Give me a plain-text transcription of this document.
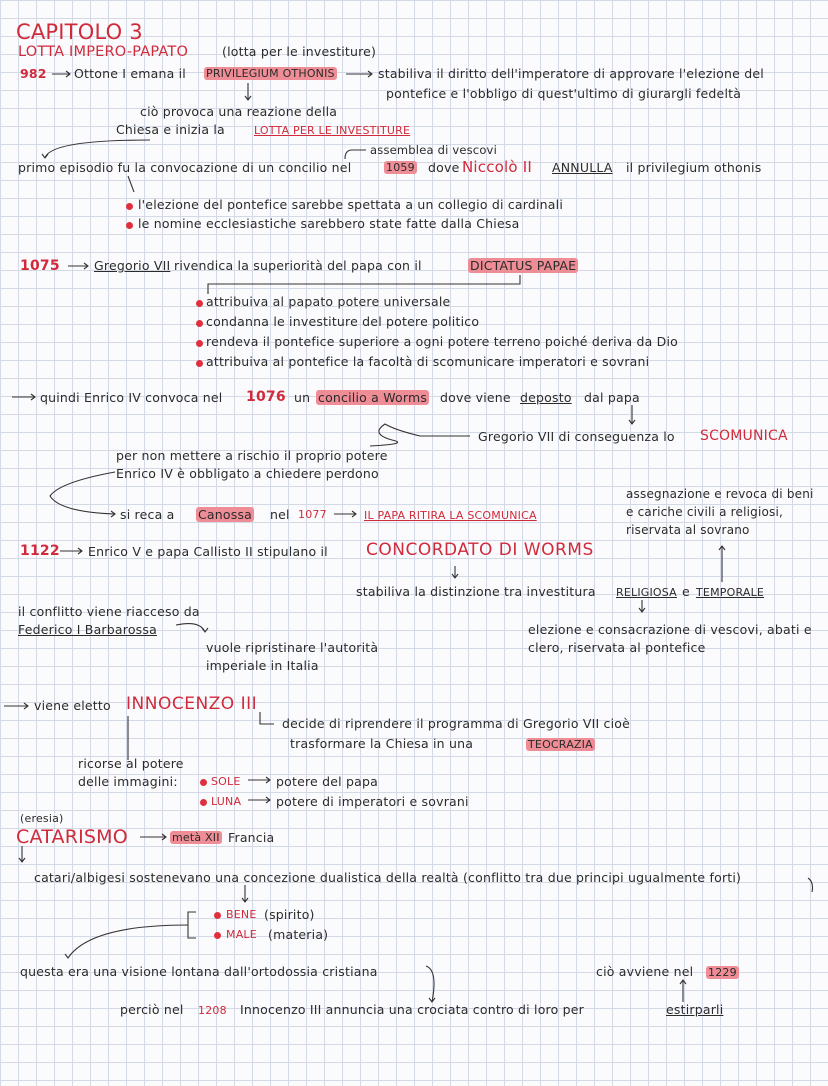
CAPITOLO 3
LOTTA IMPERO-PAPATO	(lotta per le investiture)
982 Ottone I emana il PRIVILEGIUM OTHONIS	stabiliva il diritto dell'imperatore di approvare l'elezione del
pontefice e l'obbligo di quest'ultimo di giurargli fedeltà
ciò provoca una reazione della
Chiesa e inizia la	LOTTA PER LE INVESTITURE
assemblea di vescovi
primo episodio fu la convocazione di un concilio nel	1059 dove Niccolò II ANNULLA il privilegium othonis
l'elezione del pontefice sarebbe spettata a un collegio di cardinali
le nomine ecclesiastiche sarebbero state fatte dalla Chiesa
1075	Gregorio VII rivendica la superiorità del papa con il	DICTATUS PAPAE
attribuiva al papato potere universale
condanna le investiture del potere politico
rendeva il pontefice superiore a ogni potere terreno poiché deriva da Dio
attribuiva al pontefice la facoltà di scomunicare imperatori e sovrani
quindi Enrico IV convoca nel 1076 un concilio a Worms dove viene deposto dal papa
Gregorio VII di conseguenza lo SCOMUNICA
per non mettere a rischio il proprio potere
Enrico IV è obbligato a chiedere perdono
si reca a Canossa nel 1077	IL PAPA RITIRA LA SCOMUNICA
assegnazione e revoca di beni
e cariche civili a religiosi,
riservata al sovrano
1122 Enrico V e papa Callisto II stipulano il CONCORDATO DI WORMS
stabiliva la distinzione tra investitura RELIGIOSA e TEMPORALE
il conflitto viene riacceso da
Federico I Barbarossa	elezione e consacrazione di vescovi, abati e
clero, riservata al pontefice
vuole ripristinare l'autorità
imperiale in Italia
viene eletto INNOCENZO III
decide di riprendere il programma di Gregorio VII cioè
trasformare la Chiesa in una	TEOCRAZIA
ricorse al potere
delle immagini:	SOLE	potere del papa
LUNA	potere di imperatori e sovrani
(eresia)
CATARISMO	metà XII Francia
catari/albigesi sostenevano una concezione dualistica della realtà (conflitto tra due principi ugualmente forti)
BENE (spirito)
MALE (materia)
questa era una visione lontana dall'ortodossia cristiana	ciò avviene nel 1229
perciò nel 1208 Innocenzo III annuncia una crociata contro di loro per	estirparli
